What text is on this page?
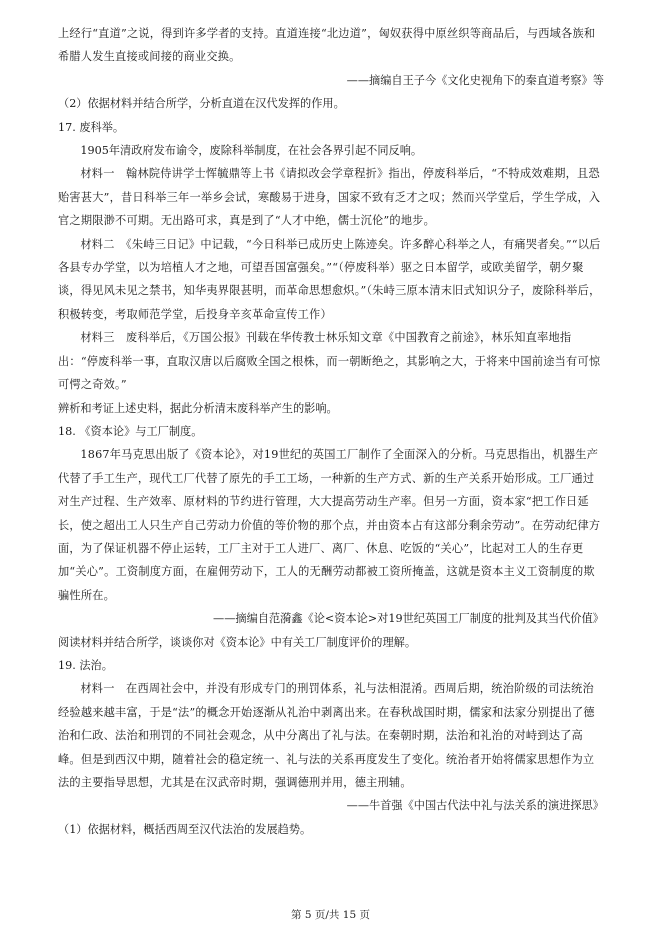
上经行“直道”之说，得到许多学者的支持。直道连接“北边道”，匈奴获得中原丝织等商品后，与西域各族和希腊人发生直接或间接的商业交换。

——摘编自王子今《文化史视角下的秦直道考察》等

（2）依据材料并结合所学，分析直道在汉代发挥的作用。

17. 废科举。

1905年清政府发布谕令，废除科举制度，在社会各界引起不同反响。

材料一　翰林院侍讲学士恽毓鼎等上书《请拟改会学章程折》指出，停废科举后，“不特成效难期，且恐贻害甚大”，昔日科举三年一举乡会试，寒酸易于进身，国家不致有乏才之叹；然而兴学堂后，学生学成，入官之期限渺不可期。无出路可求，真是到了“人才中绝，儒士沉伦”的地步。

材料二　《朱峙三日记》中记载，“今日科举已成历史上陈迹矣。许多醉心科举之人，有痛哭者矣。”“以后各县专办学堂，以为培植人才之地，可望吾国富强矣。”“（停废科举）驱之日本留学，或欧美留学，朝夕聚谈，得见风未见之禁书，知华夷界限甚明，而革命思想愈炽。”（朱峙三原本清末旧式知识分子，废除科举后，积极转变，考取师范学堂，后投身辛亥革命宣传工作）

材料三　废科举后，《万国公报》刊载在华传教士林乐知文章《中国教育之前途》，林乐知直率地指出：“停废科举一事，直取汉唐以后腐败全国之根株，而一朝断绝之，其影响之大，于将来中国前途当有可惊可愕之奇效。”

辨析和考证上述史料，据此分析清末废科举产生的影响。

18. 《资本论》与工厂制度。

1867年马克思出版了《资本论》，对19世纪的英国工厂制作了全面深入的分析。马克思指出，机器生产代替了手工生产，现代工厂代替了原先的手工工场，一种新的生产方式、新的生产关系开始形成。工厂通过对生产过程、生产效率、原材料的节约进行管理，大大提高劳动生产率。但另一方面，资本家“把工作日延长，使之超出工人只生产自己劳动力价值的等价物的那个点，并由资本占有这部分剩余劳动”。在劳动纪律方面，为了保证机器不停止运转，工厂主对于工人进厂、离厂、休息、吃饭的“关心”，比起对工人的生存更加“关心”。工资制度方面，在雇佣劳动下，工人的无酬劳动都被工资所掩盖，这就是资本主义工资制度的欺骗性所在。

——摘编自范漪鑫《论<资本论>对19世纪英国工厂制度的批判及其当代价值》

阅读材料并结合所学，谈谈你对《资本论》中有关工厂制度评价的理解。

19. 法治。

材料一　在西周社会中，并没有形成专门的刑罚体系，礼与法相混淆。西周后期，统治阶级的司法统治经验越来越丰富，于是“法”的概念开始逐渐从礼治中剥离出来。在春秋战国时期，儒家和法家分别提出了德治和仁政、法治和刑罚的不同社会观念，从中分离出了礼与法。在秦朝时期，法治和礼治的对峙到达了高峰。但是到西汉中期，随着社会的稳定统一、礼与法的关系再度发生了变化。统治者开始将儒家思想作为立法的主要指导思想，尤其是在汉武帝时期，强调德刑并用，德主刑辅。

——牛首强《中国古代法中礼与法关系的演进探思》

（1）依据材料，概括西周至汉代法治的发展趋势。

第 5 页/共 15 页
